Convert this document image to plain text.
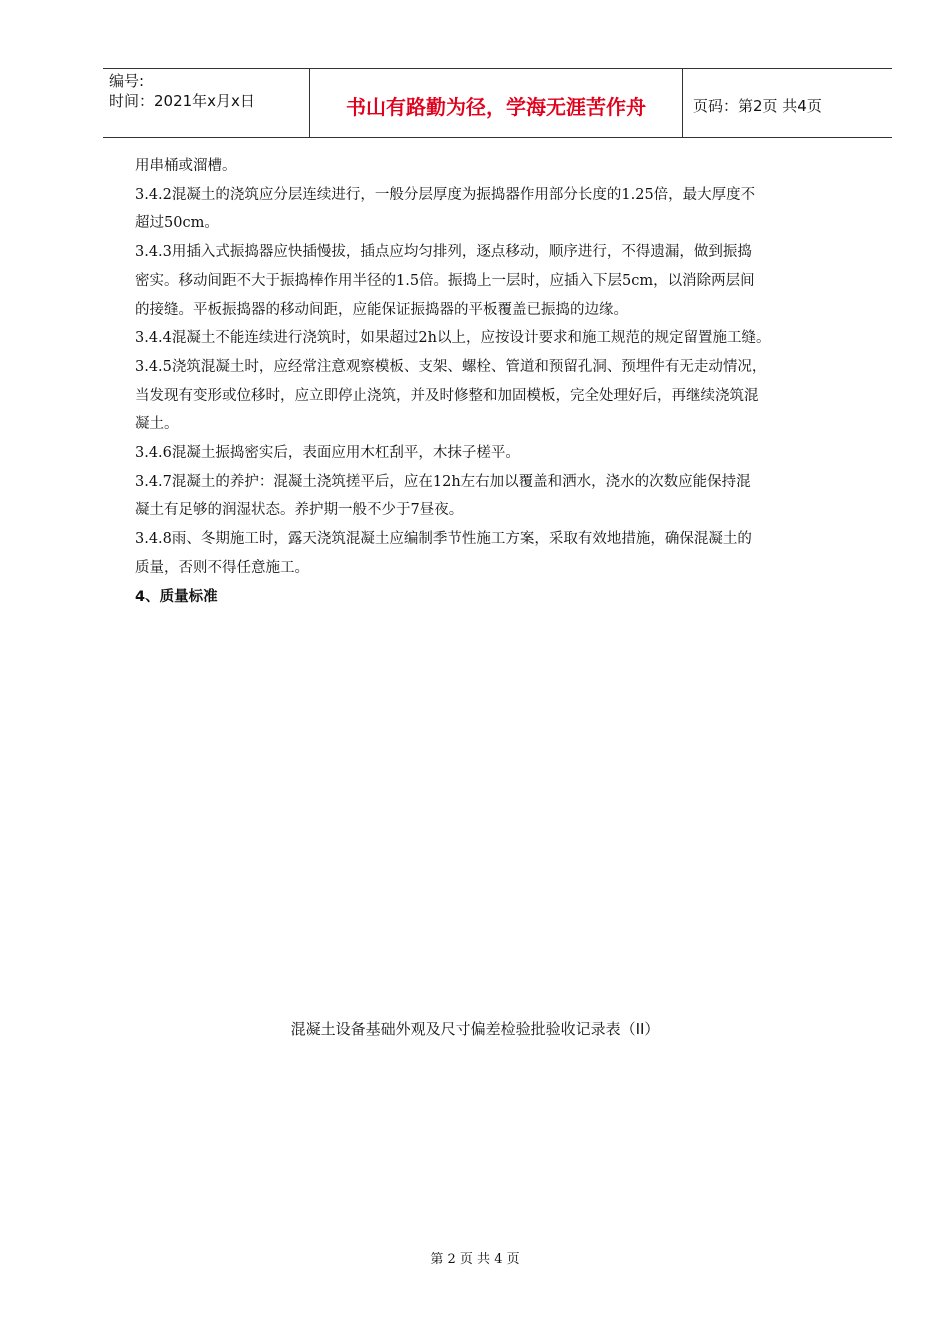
编号:
时间：2021年x月x日	书山有路勤为径，学海无涯苦作舟	页码：第2页 共4页

用串桶或溜槽。

3.4.2混凝土的浇筑应分层连续进行，一般分层厚度为振捣器作用部分长度的1.25倍，最大厚度不

超过50cm。

3.4.3用插入式振捣器应快插慢拔，插点应均匀排列，逐点移动，顺序进行，不得遗漏，做到振捣

密实。移动间距不大于振捣棒作用半径的1.5倍。振捣上一层时，应插入下层5cm，以消除两层间

的接缝。平板振捣器的移动间距，应能保证振捣器的平板覆盖已振捣的边缘。

3.4.4混凝土不能连续进行浇筑时，如果超过2h以上，应按设计要求和施工规范的规定留置施工缝。

3.4.5浇筑混凝土时，应经常注意观察模板、支架、螺栓、管道和预留孔洞、预埋件有无走动情况，

当发现有变形或位移时，应立即停止浇筑，并及时修整和加固模板，完全处理好后，再继续浇筑混

凝土。

3.4.6混凝土振捣密实后，表面应用木杠刮平，木抹子槎平。

3.4.7混凝土的养护：混凝土浇筑搓平后，应在12h左右加以覆盖和洒水，浇水的次数应能保持混

凝土有足够的润湿状态。养护期一般不少于7昼夜。

3.4.8雨、冬期施工时，露天浇筑混凝土应编制季节性施工方案，采取有效地措施，确保混凝土的

质量，否则不得任意施工。

4、质量标准

混凝土设备基础外观及尺寸偏差检验批验收记录表（II）
第 2 页 共 4 页
